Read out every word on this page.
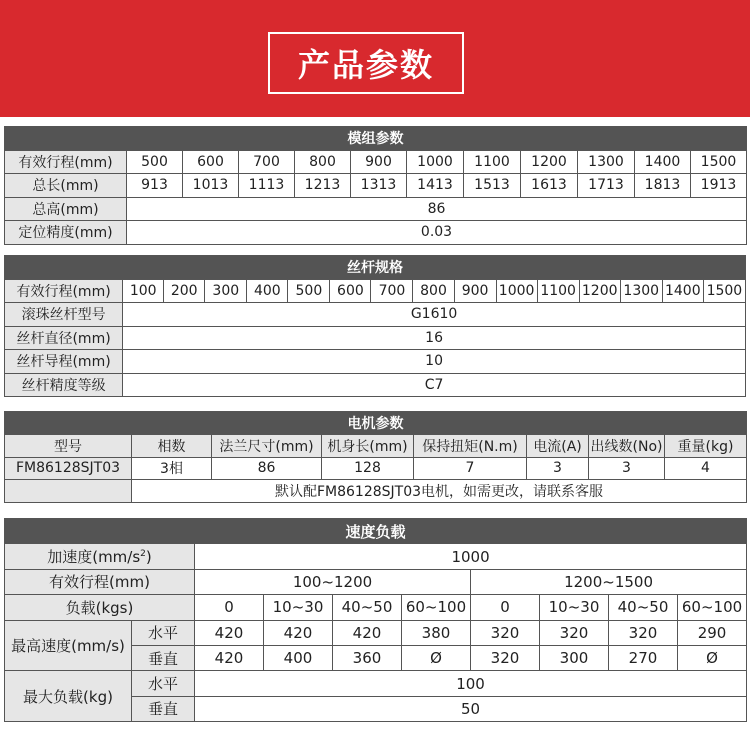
产品参数
模组参数											
有效行程(mm)	500	600	700	800	900	1000	1100	1200	1300	1400	1500
总长(mm)	913	1013	1113	1213	1313	1413	1513	1613	1713	1813	1913
总高(mm)	86										
定位精度(mm)	0.03										
丝杆规格															
有效行程(mm)	100	200	300	400	500	600	700	800	900	1000	1100	1200	1300	1400	1500
滚珠丝杆型号	G1610														
丝杆直径(mm)	16														
丝杆导程(mm)	10														
丝杆精度等级	C7														
电机参数							
型号	相数	法兰尺寸(mm)	机身长(mm)	保持扭矩(N.m)	电流(A)	出线数(No)	重量(kg)
FM86128SJT03	3相	86	128	7	3	3	4
	默认配FM86128SJT03电机，如需更改，请联系客服						
速度负载									
加速度$(mm/s^2)$		1000							
有效行程(mm)		100~1200				1200~1500			
负载(kgs)		0	10~30	40~50	60~100	0	10~30	40~50	60~100
最高速度(mm/s)	水平	420	420	420	380	320	320	320	290
	垂直	420	400	360	Ø	320	300	270	Ø
最大负载(kg)	水平	100							
	垂直	50							
